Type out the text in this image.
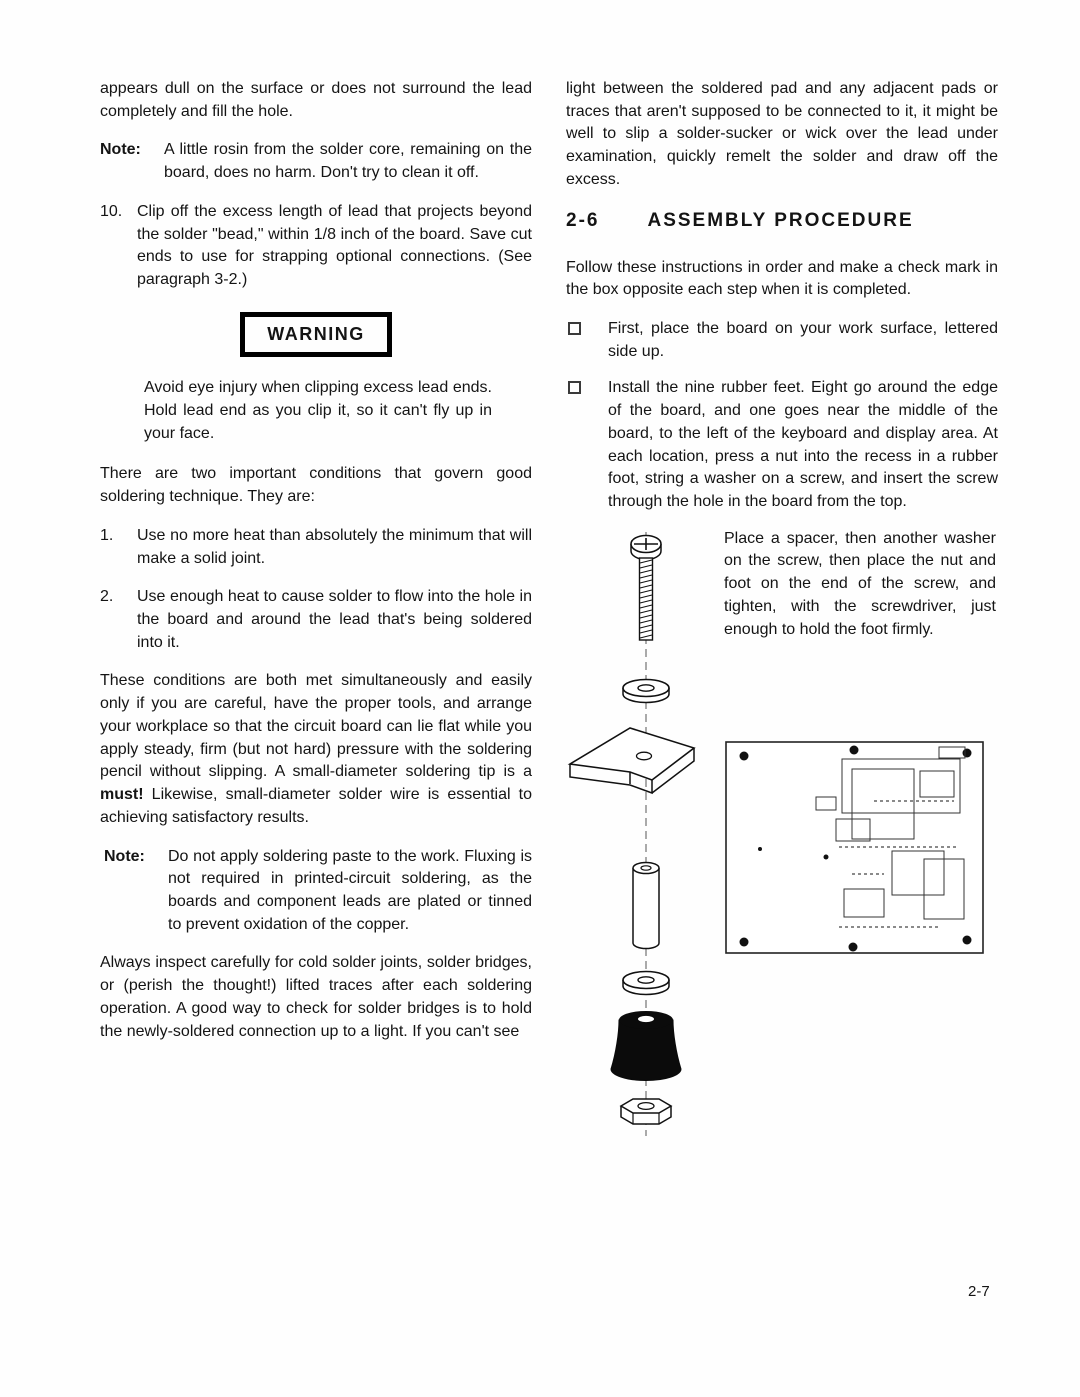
appears dull on the surface or does not surround the lead completely and fill the hole.

Note:	A little rosin from the solder core, remaining on the board, does no harm. Don't try to clean it off.
10. Clip off the excess length of lead that projects beyond the solder "bead," within 1/8 inch of the board. Save cut ends to use for strapping optional connections. (See paragraph 3-2.)
WARNING

Avoid eye injury when clipping excess lead ends. Hold lead end as you clip it, so it can't fly up in your face.

There are two important conditions that govern good soldering technique. They are:

1.	Use no more heat than absolutely the minimum that will make a solid joint.
2.	Use enough heat to cause solder to flow into the hole in the board and around the lead that's being soldered into it.

These conditions are both met simultaneously and easily only if you are careful, have the proper tools, and arrange your workplace so that the circuit board can lie flat while you apply steady, firm (but not hard) pressure with the soldering pencil without slipping. A small-diameter soldering tip is a must! Likewise, small-diameter solder wire is essential to achieving satisfactory results.

Note:	Do not apply soldering paste to the work. Fluxing is not required in printed-circuit soldering, as the boards and component leads are plated or tinned to prevent oxidation of the copper.

Always inspect carefully for cold solder joints, solder bridges, or (perish the thought!) lifted traces after each soldering operation. A good way to check for solder bridges is to hold the newly-soldered connection up to a light. If you can't see

light between the soldered pad and any adjacent pads or traces that aren't supposed to be connected to it, it might be well to slip a solder-sucker or wick over the lead under examination, quickly remelt the solder and draw off the excess.

2-6	ASSEMBLY PROCEDURE

Follow these instructions in order and make a check mark in the box opposite each step when it is completed.

First, place the board on your work surface, lettered side up.
Install the nine rubber feet. Eight go around the edge of the board, and one goes near the middle of the board, to the left of the keyboard and display area. At each location, press a nut into the recess in a rubber foot, string a washer on a screw, and insert the screw through the hole in the board from the top.
Place a spacer, then another washer on the screw, then place the nut and foot on the end of the screw, and tighten, with the screwdriver, just enough to hold the foot firmly.
2-7
